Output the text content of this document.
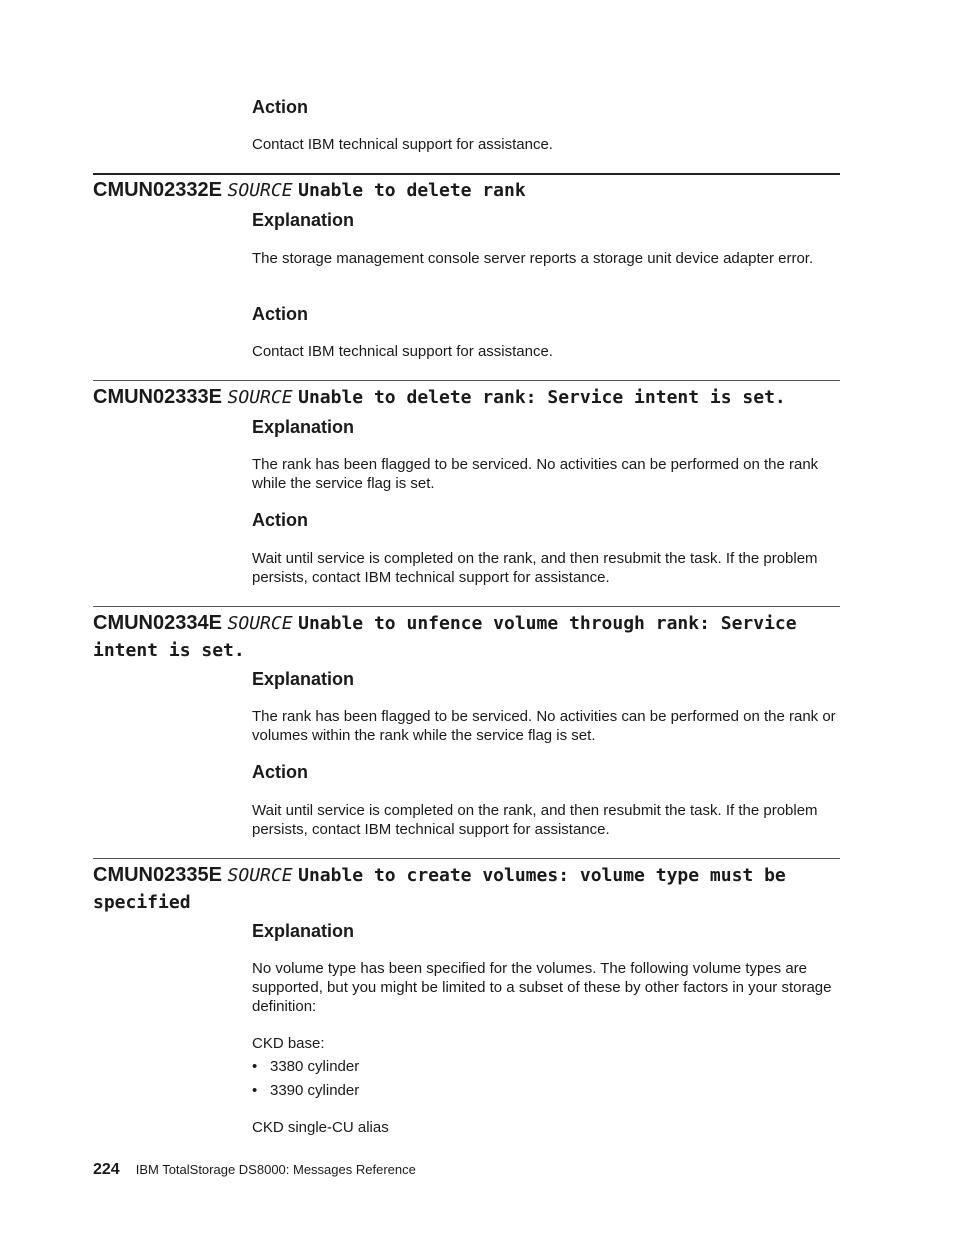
Action
Contact IBM technical support for assistance.
CMUN02332E SOURCE Unable to delete rank
Explanation
The storage management console server reports a storage unit device adapter error.
Action
Contact IBM technical support for assistance.
CMUN02333E SOURCE Unable to delete rank: Service intent is set.
Explanation
The rank has been flagged to be serviced. No activities can be performed on the rank while the service flag is set.
Action
Wait until service is completed on the rank, and then resubmit the task. If the problem persists, contact IBM technical support for assistance.
CMUN02334E SOURCE Unable to unfence volume through rank: Service intent is set.
Explanation
The rank has been flagged to be serviced. No activities can be performed on the rank or volumes within the rank while the service flag is set.
Action
Wait until service is completed on the rank, and then resubmit the task. If the problem persists, contact IBM technical support for assistance.
CMUN02335E SOURCE Unable to create volumes: volume type must be specified
Explanation
No volume type has been specified for the volumes. The following volume types are supported, but you might be limited to a subset of these by other factors in your storage definition:
CKD base:
• 3380 cylinder
• 3390 cylinder
CKD single-CU alias
224 IBM TotalStorage DS8000: Messages Reference
